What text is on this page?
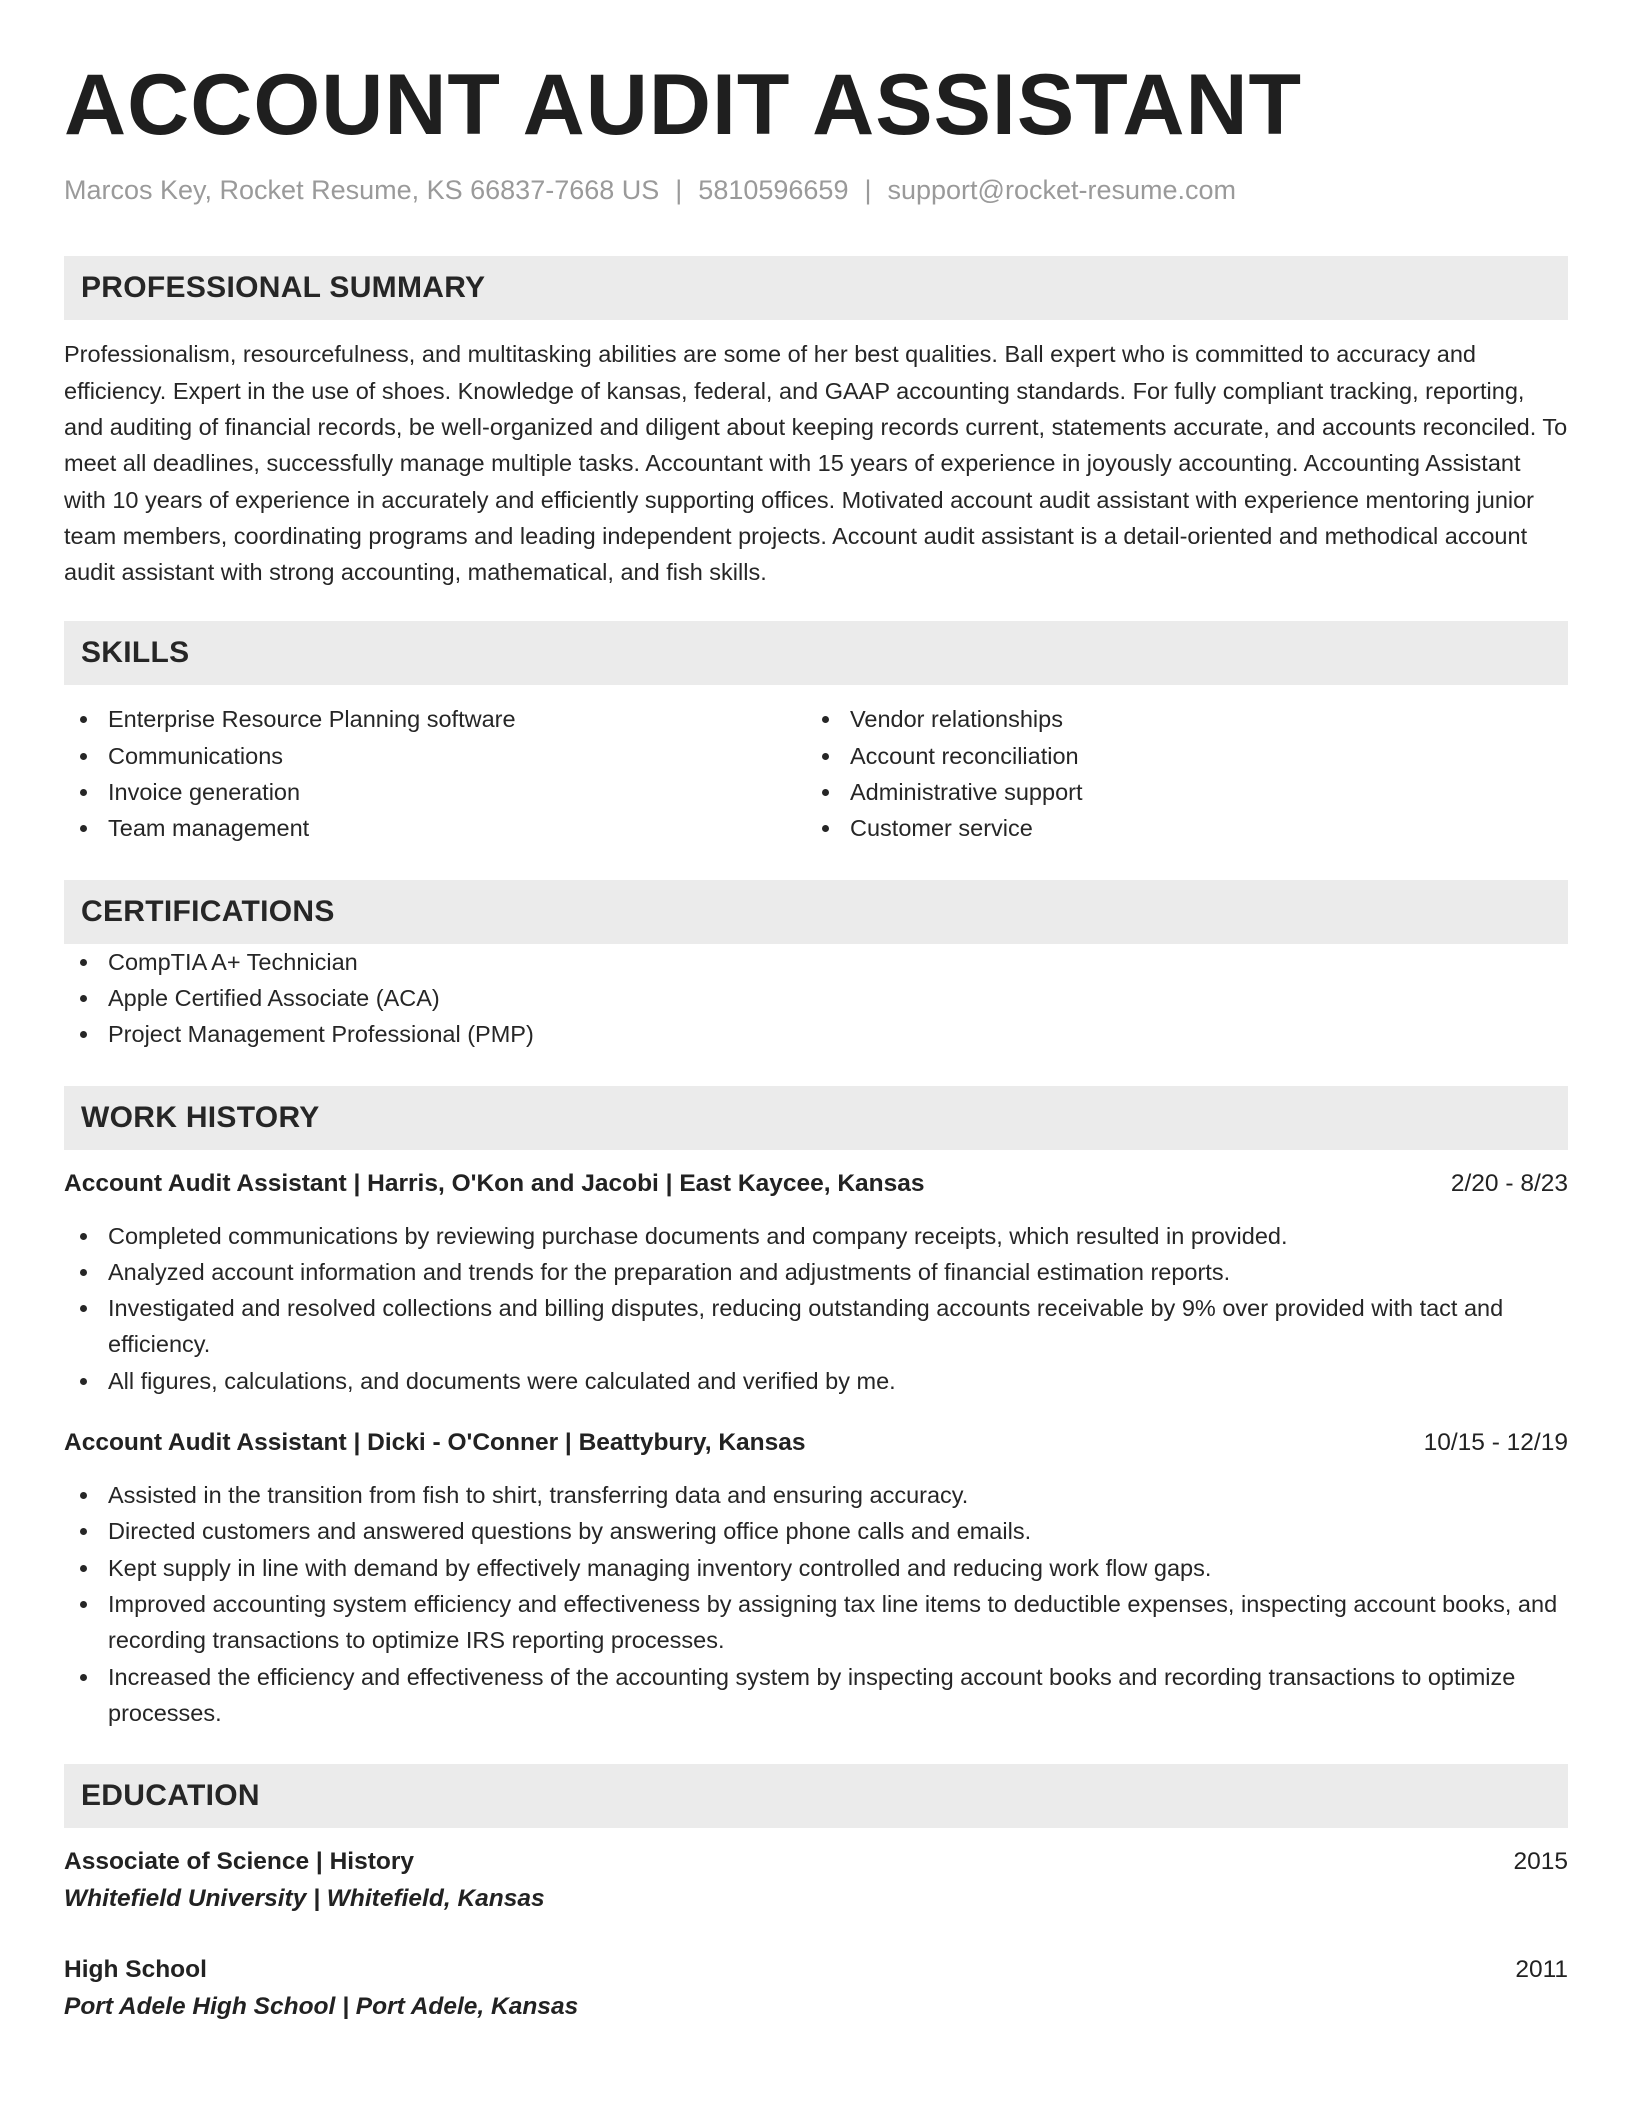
ACCOUNT AUDIT ASSISTANT
Marcos Key, Rocket Resume, KS 66837-7668 US | 5810596659 | support@rocket-resume.com
PROFESSIONAL SUMMARY

Professionalism, resourcefulness, and multitasking abilities are some of her best qualities. Ball expert who is committed to accuracy and efficiency. Expert in the use of shoes. Knowledge of kansas, federal, and GAAP accounting standards. For fully compliant tracking, reporting, and auditing of financial records, be well-organized and diligent about keeping records current, statements accurate, and accounts reconciled. To meet all deadlines, successfully manage multiple tasks. Accountant with 15 years of experience in joyously accounting. Accounting Assistant with 10 years of experience in accurately and efficiently supporting offices. Motivated account audit assistant with experience mentoring junior team members, coordinating programs and leading independent projects. Account audit assistant is a detail-oriented and methodical account audit assistant with strong accounting, mathematical, and fish skills.

SKILLS
Enterprise Resource Planning software
Communications
Invoice generation
Team management
Vendor relationships
Account reconciliation
Administrative support
Customer service
CERTIFICATIONS
CompTIA A+ Technician
Apple Certified Associate (ACA)
Project Management Professional (PMP)
WORK HISTORY
Account Audit Assistant | Harris, O'Kon and Jacobi | East Kaycee, Kansas	2/20 - 8/23
Completed communications by reviewing purchase documents and company receipts, which resulted in provided.
Analyzed account information and trends for the preparation and adjustments of financial estimation reports.
Investigated and resolved collections and billing disputes, reducing outstanding accounts receivable by 9% over provided with tact and efficiency.
All figures, calculations, and documents were calculated and verified by me.
Account Audit Assistant | Dicki - O'Conner | Beattybury, Kansas	10/15 - 12/19
Assisted in the transition from fish to shirt, transferring data and ensuring accuracy.
Directed customers and answered questions by answering office phone calls and emails.
Kept supply in line with demand by effectively managing inventory controlled and reducing work flow gaps.
Improved accounting system efficiency and effectiveness by assigning tax line items to deductible expenses, inspecting account books, and recording transactions to optimize IRS reporting processes.
Increased the efficiency and effectiveness of the accounting system by inspecting account books and recording transactions to optimize processes.
EDUCATION
Associate of Science | History	2015
Whitefield University | Whitefield, Kansas
High School	2011
Port Adele High School | Port Adele, Kansas
